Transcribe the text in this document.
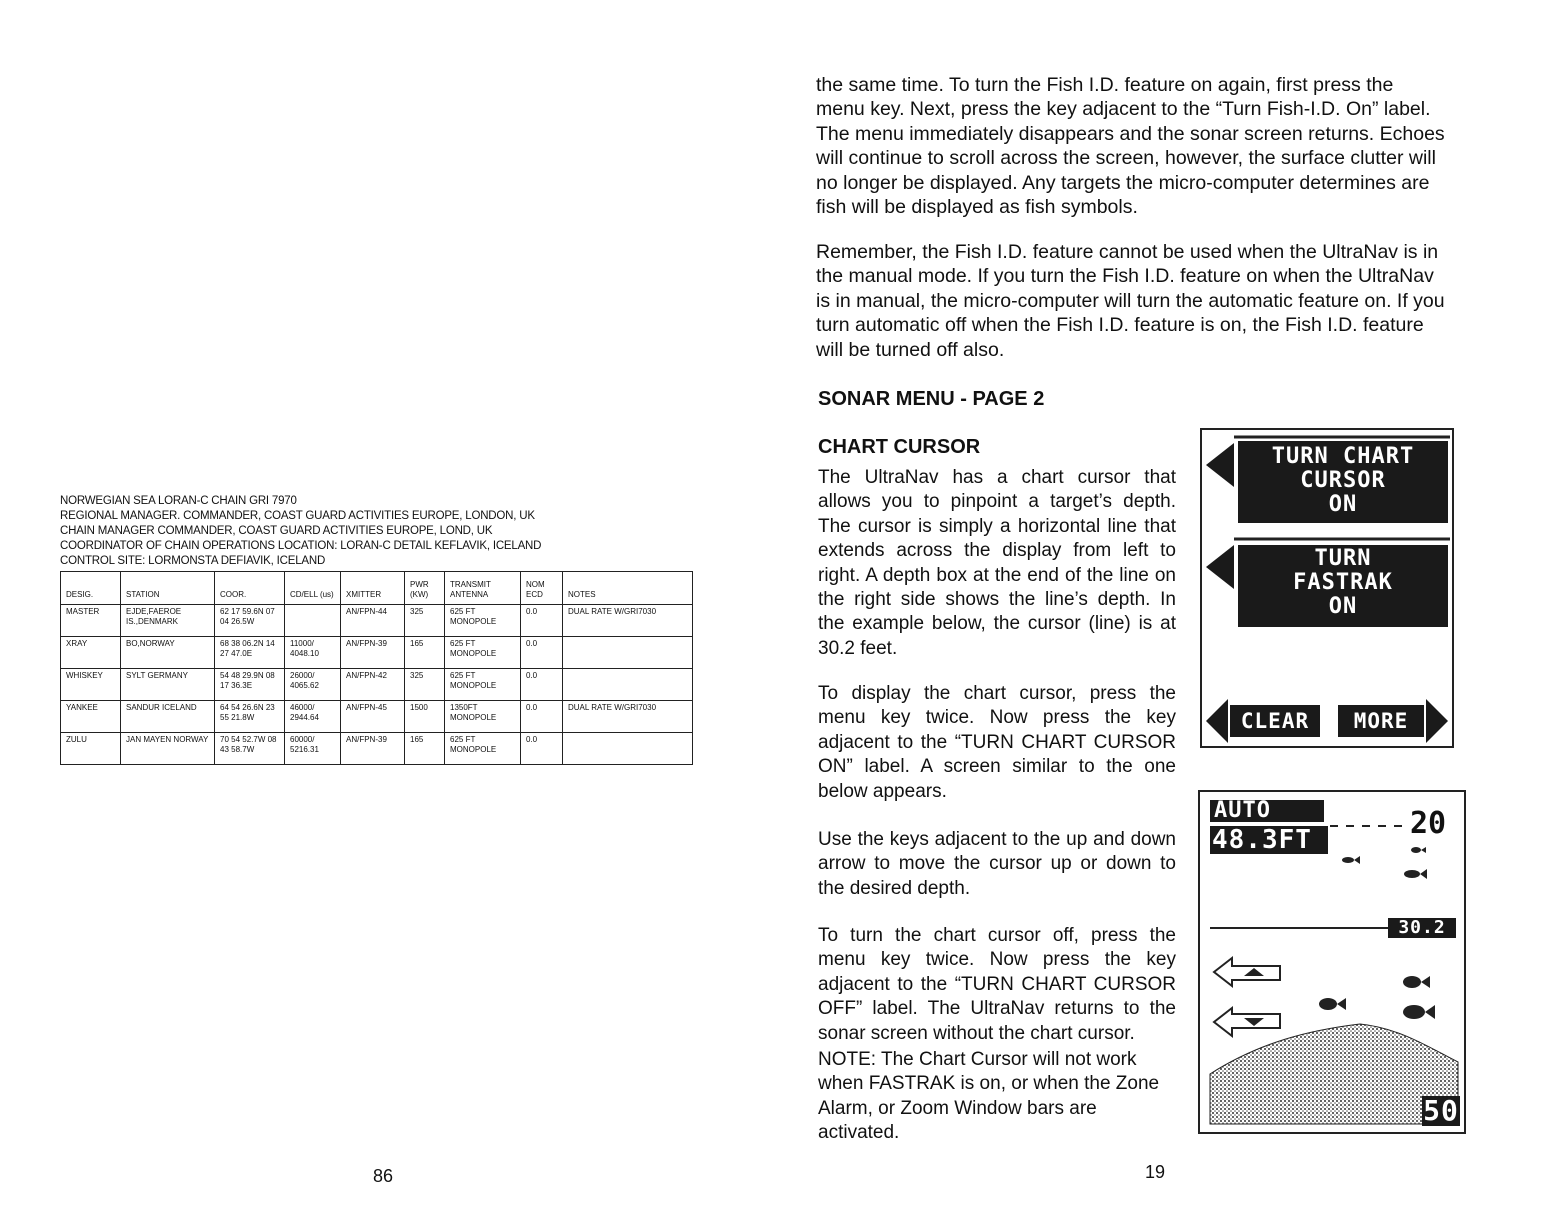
NORWEGIAN SEA LORAN-C CHAIN GRI 7970
REGIONAL MANAGER. COMMANDER, COAST GUARD ACTIVITIES EUROPE, LONDON, UK
CHAIN MANAGER COMMANDER, COAST GUARD ACTIVITIES EUROPE, LOND, UK
COORDINATOR OF CHAIN OPERATIONS LOCATION: LORAN-C DETAIL KEFLAVIK, ICELAND
CONTROL SITE: LORMONSTA DEFIAVIK, ICELAND
DESIG.	STATION	COOR.	CD/ELL (us)	XMITTER	PWR (KW)	TRANSMIT ANTENNA	NOM ECD	NOTES
MASTER	EJDE,FAEROE IS.,DENMARK	62 17 59.6N 07 04 26.5W		AN/FPN-44	325	625 FT MONOPOLE	0.0	DUAL RATE W/GRI7030
XRAY	BO,NORWAY	68 38 06.2N 14 27 47.0E	11000/ 4048.10	AN/FPN-39	165	625 FT MONOPOLE	0.0	
WHISKEY	SYLT GERMANY	54 48 29.9N 08 17 36.3E	26000/ 4065.62	AN/FPN-42	325	625 FT MONOPOLE	0.0	
YANKEE	SANDUR ICELAND	64 54 26.6N 23 55 21.8W	46000/ 2944.64	AN/FPN-45	1500	1350FT MONOPOLE	0.0	DUAL RATE W/GRI7030
ZULU	JAN MAYEN NORWAY	70 54 52.7W 08 43 58.7W	60000/ 5216.31	AN/FPN-39	165	625 FT MONOPOLE	0.0	
86

the same time. To turn the Fish I.D. feature on again, first press the menu key. Next, press the key adjacent to the “Turn Fish-I.D. On” label. The menu immediately disappears and the sonar screen returns. Echoes will continue to scroll across the screen, however, the surface clutter will no longer be displayed. Any targets the micro-computer determines are fish will be displayed as fish symbols.

Remember, the Fish I.D. feature cannot be used when the UltraNav is in the manual mode. If you turn the Fish I.D. feature on when the UltraNav is in manual, the micro-computer will turn the automatic feature on. If you turn automatic off when the Fish I.D. feature is on, the Fish I.D. feature will be turned off also.

SONAR MENU - PAGE 2
CHART CURSOR

The UltraNav has a chart cursor that allows you to pinpoint a target’s depth. The cursor is simply a horizontal line that extends across the display from left to right. A depth box at the end of the line on the right side shows the line’s depth. In the example below, the cursor (line) is at 30.2 feet.

To display the chart cursor, press the menu key twice. Now press the key adjacent to the “TURN CHART CURSOR ON” label. A screen similar to the one below appears.

Use the keys adjacent to the up and down arrow to move the cursor up or down to the desired depth.

To turn the chart cursor off, press the menu key twice. Now press the key adjacent to the “TURN CHART CURSOR OFF” label. The UltraNav returns to the sonar screen without the chart cursor.

NOTE: The Chart Cursor will not work when FASTRAK is on, or when the Zone Alarm, or Zoom Window bars are activated.

19
TURN CHART
CURSOR
ON
TURN
FASTRAK
ON
CLEAR	MORE
AUTO
48.3FT	20
30.2
50
